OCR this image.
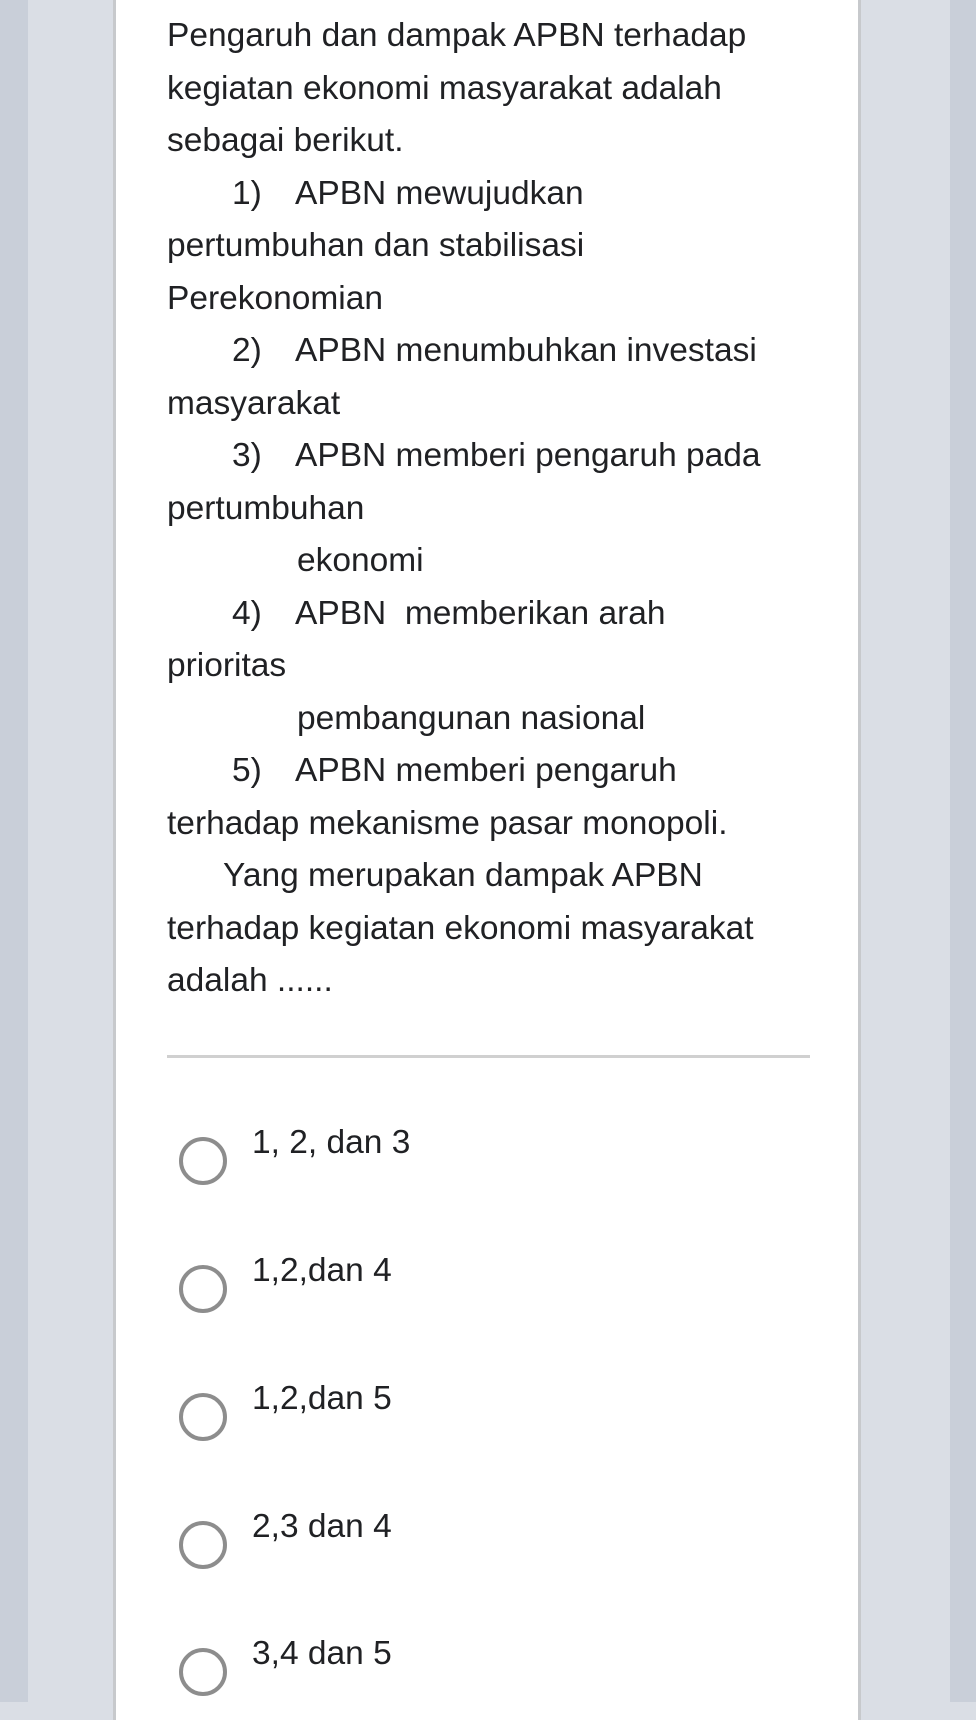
Pengaruh dan dampak APBN terhadap
kegiatan ekonomi masyarakat adalah
sebagai berikut.
1) APBN mewujudkan
pertumbuhan dan stabilisasi
Perekonomian
2) APBN menumbuhkan investasi
masyarakat
3) APBN memberi pengaruh pada
pertumbuhan
ekonomi
4) APBN  memberikan arah
prioritas
pembangunan nasional
5) APBN memberi pengaruh
terhadap mekanisme pasar monopoli.
Yang merupakan dampak APBN
terhadap kegiatan ekonomi masyarakat
adalah ......
1, 2, dan 3
1,2,dan 4
1,2,dan 5
2,3 dan 4
3,4 dan 5
